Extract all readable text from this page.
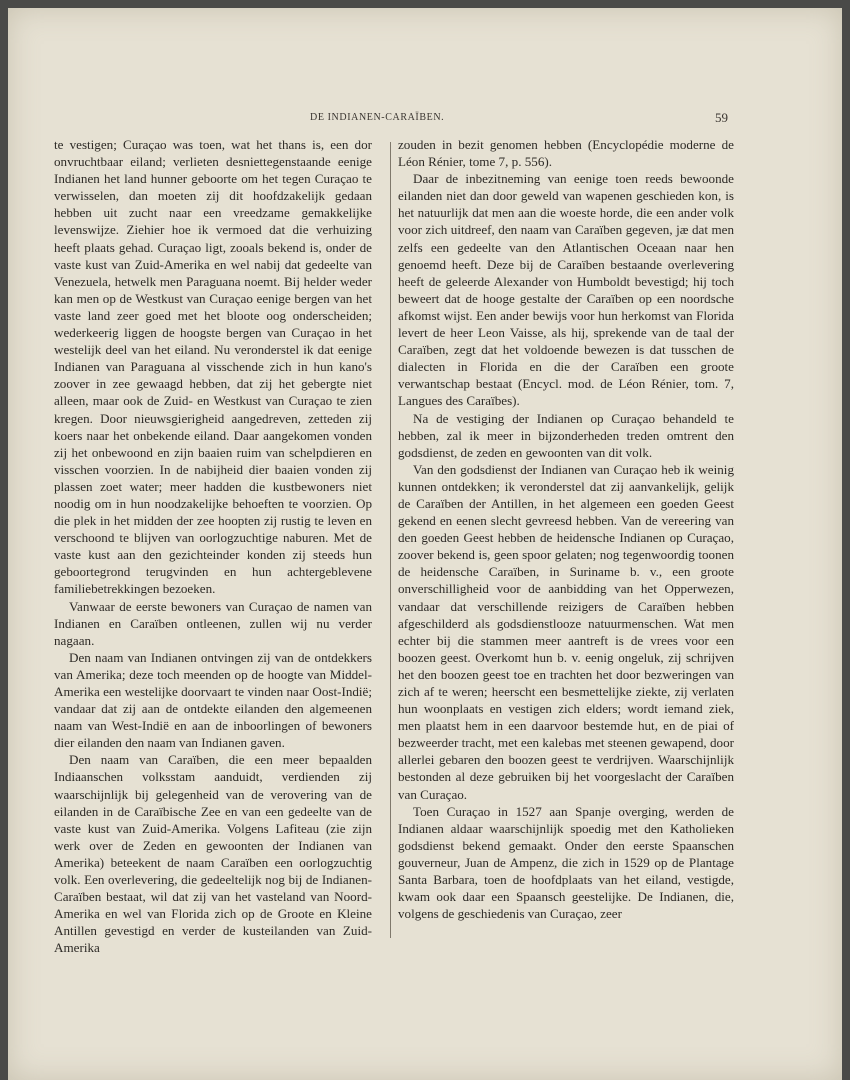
DE INDIANEN-CARAÏBEN.	59

te vestigen; Curaçao was toen, wat het thans is, een dor onvruchtbaar eiland; verlieten desniettegenstaande eenige Indianen het land hunner geboorte om het tegen Curaçao te verwisselen, dan moeten zij dit hoofdzakelijk gedaan hebben uit zucht naar een vreedzame gemakkelijke levenswijze. Ziehier hoe ik vermoed dat die verhuizing heeft plaats gehad. Curaçao ligt, zooals bekend is, onder de vaste kust van Zuid-Amerika en wel nabij dat gedeelte van Venezuela, hetwelk men Paraguana noemt. Bij helder weder kan men op de Westkust van Curaçao eenige bergen van het vaste land zeer goed met het bloote oog onderscheiden; wederkeerig liggen de hoogste bergen van Curaçao in het westelijk deel van het eiland. Nu veronderstel ik dat eenige Indianen van Paraguana al visschende zich in hun kano's zoover in zee gewaagd hebben, dat zij het gebergte niet alleen, maar ook de Zuid- en Westkust van Curaçao te zien kregen. Door nieuwsgierigheid aangedreven, zetteden zij koers naar het onbekende eiland. Daar aangekomen vonden zij het onbewoond en zijn baaien ruim van schelpdieren en visschen voorzien. In de nabijheid dier baaien vonden zij plassen zoet water; meer hadden die kustbewoners niet noodig om in hun noodzakelijke behoeften te voorzien. Op die plek in het midden der zee hoopten zij rustig te leven en verschoond te blijven van oorlogzuchtige naburen. Met de vaste kust aan den gezichteinder konden zij steeds hun geboortegrond terugvinden en hun achtergeblevene familiebetrekkingen bezoeken.

Vanwaar de eerste bewoners van Curaçao de namen van Indianen en Caraïben ontleenen, zullen wij nu verder nagaan.

Den naam van Indianen ontvingen zij van de ontdekkers van Amerika; deze toch meenden op de hoogte van Middel-Amerika een westelijke doorvaart te vinden naar Oost-Indië; vandaar dat zij aan de ontdekte eilanden den algemeenen naam van West-Indië en aan de inboorlingen of bewoners dier eilanden den naam van Indianen gaven.

Den naam van Caraïben, die een meer bepaalden Indiaanschen volksstam aanduidt, verdienden zij waarschijnlijk bij gelegenheid van de verovering van de eilanden in de Caraïbische Zee en van een gedeelte van de vaste kust van Zuid-Amerika. Volgens Lafiteau (zie zijn werk over de Zeden en gewoonten der Indianen van Amerika) beteekent de naam Caraïben een oorlogzuchtig volk. Een overlevering, die gedeeltelijk nog bij de Indianen-Caraïben bestaat, wil dat zij van het vasteland van Noord-Amerika en wel van Florida zich op de Groote en Kleine Antillen gevestigd en verder de kusteilanden van Zuid-Amerika

zouden in bezit genomen hebben (Encyclopédie moderne de Léon Rénier, tome 7, p. 556).

Daar de inbezitneming van eenige toen reeds bewoonde eilanden niet dan door geweld van wapenen geschieden kon, is het natuurlijk dat men aan die woeste horde, die een ander volk voor zich uitdreef, den naam van Caraïben gegeven, jæ dat men zelfs een gedeelte van den Atlantischen Oceaan naar hen genoemd heeft. Deze bij de Caraïben bestaande overlevering heeft de geleerde Alexander von Humboldt bevestigd; hij toch beweert dat de hooge gestalte der Caraïben op een noordsche afkomst wijst. Een ander bewijs voor hun herkomst van Florida levert de heer Leon Vaisse, als hij, sprekende van de taal der Caraïben, zegt dat het voldoende bewezen is dat tusschen de dialecten in Florida en die der Caraïben een groote verwantschap bestaat (Encycl. mod. de Léon Rénier, tom. 7, Langues des Caraïbes).

Na de vestiging der Indianen op Curaçao behandeld te hebben, zal ik meer in bijzonderheden treden omtrent den godsdienst, de zeden en gewoonten van dit volk.

Van den godsdienst der Indianen van Curaçao heb ik weinig kunnen ontdekken; ik veronderstel dat zij aanvankelijk, gelijk de Caraïben der Antillen, in het algemeen een goeden Geest gekend en eenen slecht gevreesd hebben. Van de vereering van den goeden Geest hebben de heidensche Indianen op Curaçao, zoover bekend is, geen spoor gelaten; nog tegenwoordig toonen de heidensche Caraïben, in Suriname b. v., een groote onverschilligheid voor de aanbidding van het Opperwezen, vandaar dat verschillende reizigers de Caraïben hebben afgeschilderd als godsdienstlooze natuurmenschen. Wat men echter bij die stammen meer aantreft is de vrees voor een boozen geest. Overkomt hun b. v. eenig ongeluk, zij schrijven het den boozen geest toe en trachten het door bezweringen van zich af te weren; heerscht een besmettelijke ziekte, zij verlaten hun woonplaats en vestigen zich elders; wordt iemand ziek, men plaatst hem in een daarvoor bestemde hut, en de piai of bezweerder tracht, met een kalebas met steenen gewapend, door allerlei gebaren den boozen geest te verdrijven. Waarschijnlijk bestonden al deze gebruiken bij het voorgeslacht der Caraïben van Curaçao.

Toen Curaçao in 1527 aan Spanje overging, werden de Indianen aldaar waarschijnlijk spoedig met den Katholieken godsdienst bekend gemaakt. Onder den eerste Spaanschen gouverneur, Juan de Ampenz, die zich in 1529 op de Plantage Santa Barbara, toen de hoofdplaats van het eiland, vestigde, kwam ook daar een Spaansch geestelijke. De Indianen, die, volgens de geschiedenis van Curaçao, zeer
